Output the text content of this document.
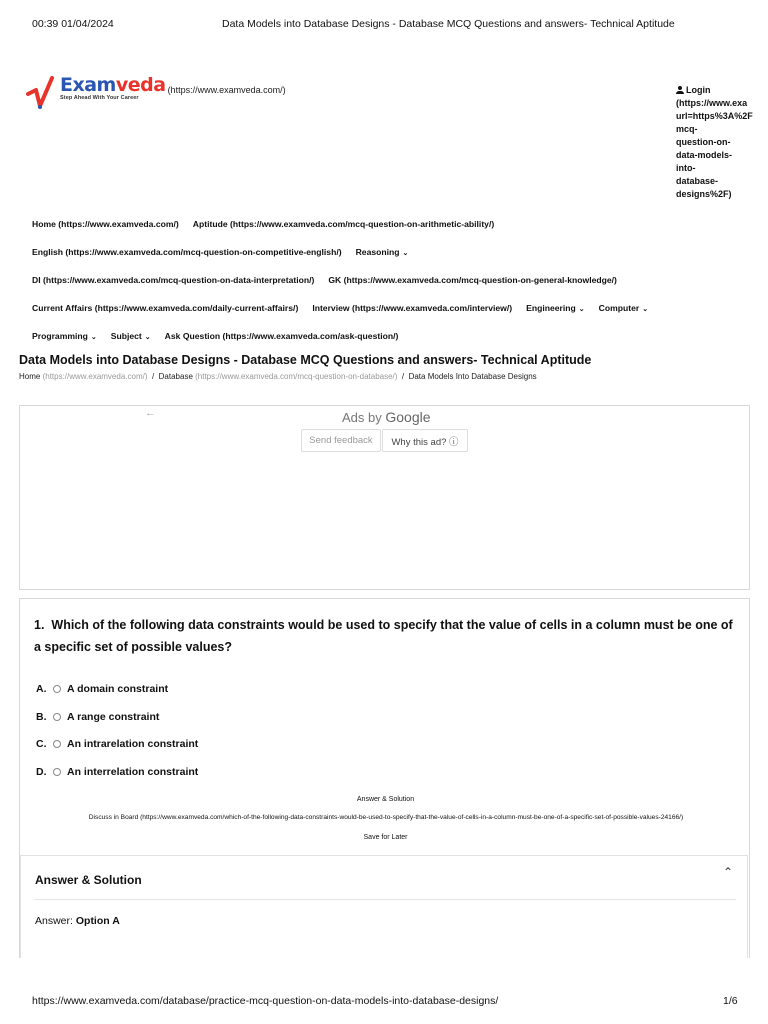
00:39 01/04/2024	Data Models into Database Designs - Database MCQ Questions and answers- Technical Aptitude
Examveda
Step Ahead With Your Career
(https://www.examveda.com/)	Login
(https://www.exa
url=https%3A%2F
mcq-
question-on-
data-models-
into-
database-
designs%2F)
Home (https://www.examveda.com/) Aptitude (https://www.examveda.com/mcq-question-on-arithmetic-ability/)
English (https://www.examveda.com/mcq-question-on-competitive-english/) Reasoning ⌄
DI (https://www.examveda.com/mcq-question-on-data-interpretation/) GK (https://www.examveda.com/mcq-question-on-general-knowledge/)
Current Affairs (https://www.examveda.com/daily-current-affairs/) Interview (https://www.examveda.com/interview/) Engineering ⌄ Computer ⌄
Programming ⌄ Subject ⌄ Ask Question (https://www.examveda.com/ask-question/)
Data Models into Database Designs - Database MCQ Questions and answers- Technical Aptitude
Home (https://www.examveda.com/) / Database (https://www.examveda.com/mcq-question-on-database/) / Data Models Into Database Designs
←	Ads by Google
Send feedback	Why this ad? ⓘ
1. Which of the following data constraints would be used to specify that the value of cells in a column must be one of a specific set of possible values?
A.	A domain constraint
B.	A range constraint
C.	An intrarelation constraint
D.	An interrelation constraint
Answer & Solution
Discuss in Board (https://www.examveda.com/which-of-the-following-data-constraints-would-be-used-to-specify-that-the-value-of-cells-in-a-column-must-be-one-of-a-specific-set-of-possible-values-24166/)
Save for Later
Answer & Solution
⌃
Answer: Option A
https://www.examveda.com/database/practice-mcq-question-on-data-models-into-database-designs/	1/6
